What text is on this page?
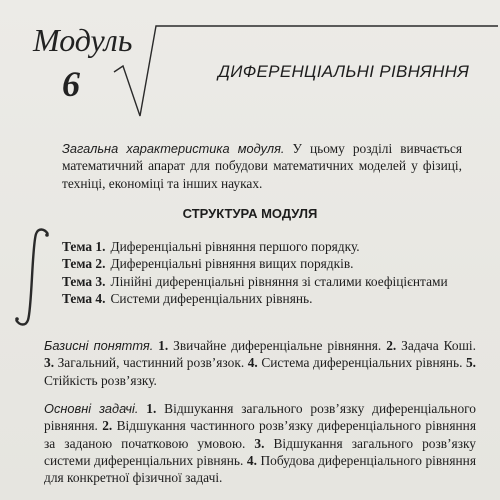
Модуль
6	ДИФЕРЕНЦІАЛЬНІ РІВНЯННЯ
Загальна характеристика модуля. У цьому розділі вивчається математичний апарат для побудови математичних моделей у фізиці, техніці, економіці та інших науках.
СТРУКТУРА МОДУЛЯ
Тема 1. Диференціальні рівняння першого порядку.
Тема 2. Диференціальні рівняння вищих порядків.
Тема 3. Лінійні диференціальні рівняння зі сталими коефіцієнтами
Тема 4. Системи диференціальних рівнянь.
Базисні поняття. 1. Звичайне диференціальне рівняння. 2. Задача Коші. 3. Загальний, частинний розв’язок. 4. Система диференціальних рівнянь. 5. Стійкість розв’язку.
Основні задачі. 1. Відшукання загального розв’язку диференціального рівняння. 2. Відшукання частинного розв’язку диференціального рівняння за заданою початковою умовою. 3. Відшукання загального розв’язку системи диференціальних рівнянь. 4. Побудова диференціального рівняння для конкретної фізичної задачі.
